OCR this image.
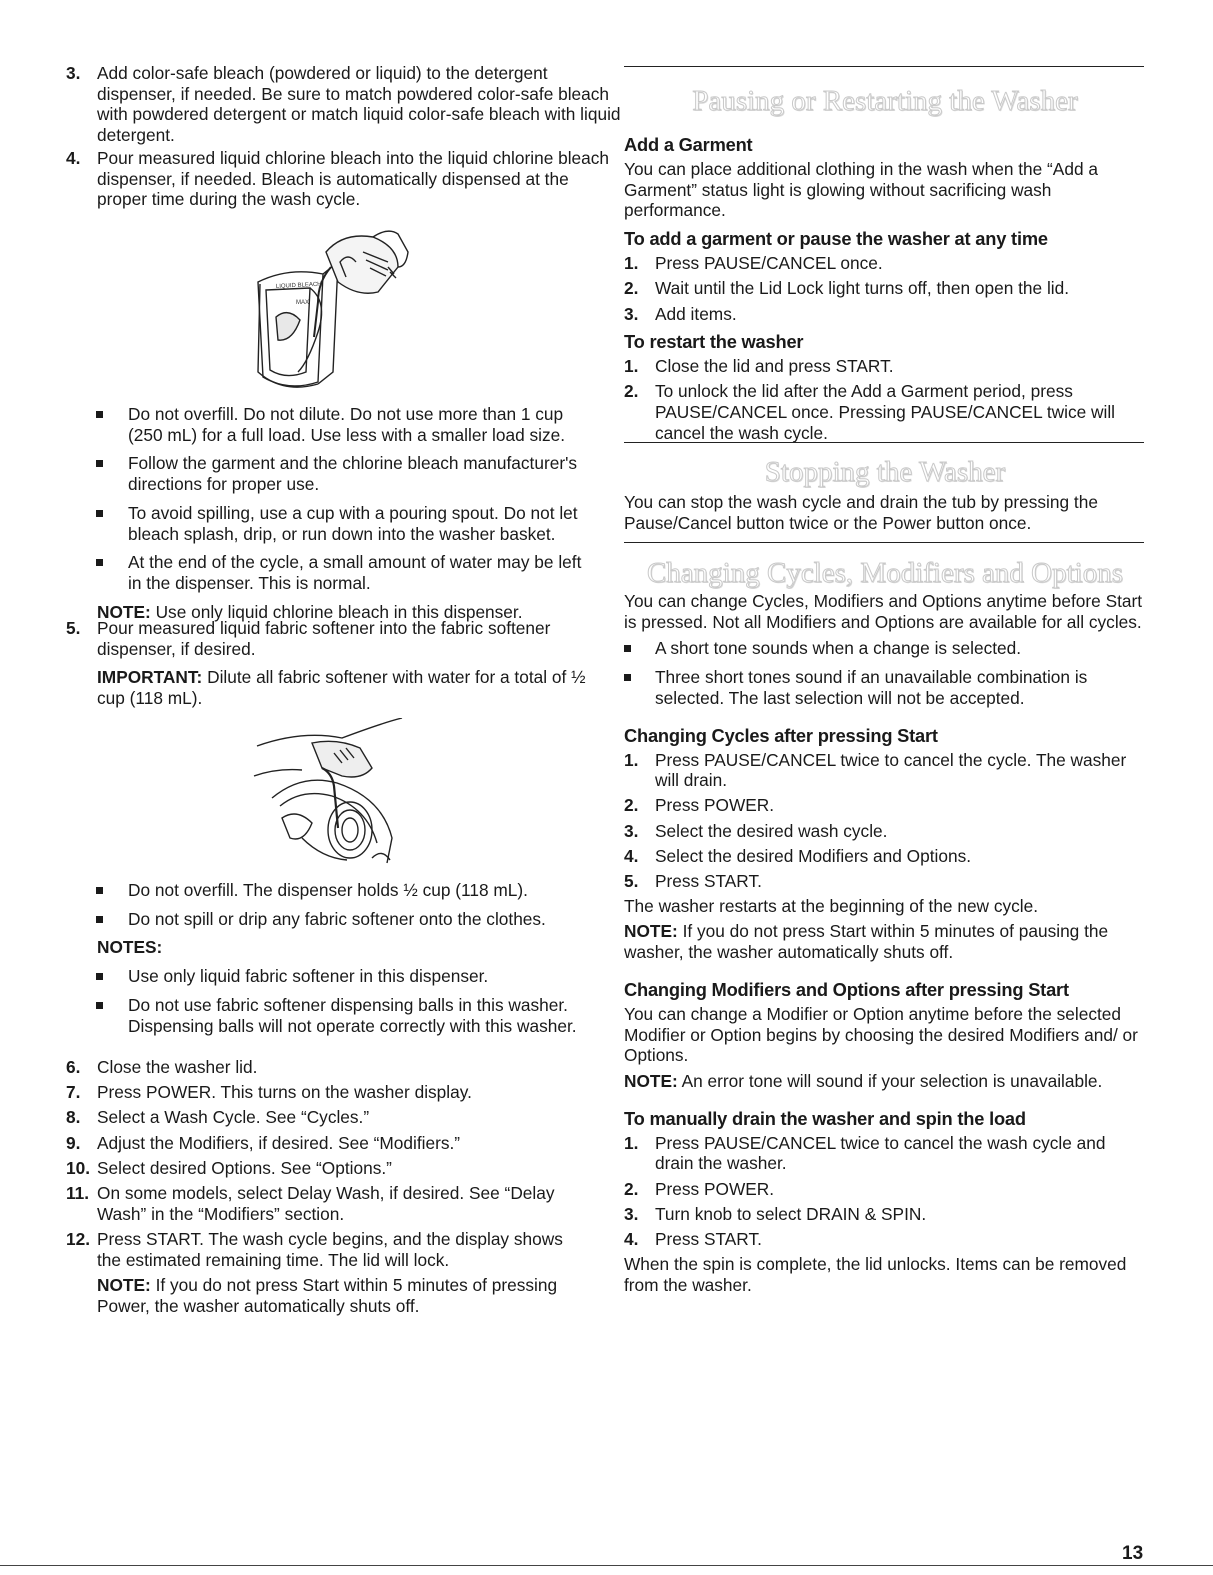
3. Add color-safe bleach (powdered or liquid) to the detergent dispenser, if needed. Be sure to match powdered color-safe bleach with powdered detergent or match liquid color-safe bleach with liquid detergent.

4. Pour measured liquid chlorine bleach into the liquid chlorine bleach dispenser, if needed. Bleach is automatically dispensed at the proper time during the wash cycle.

LIQUID BLEACH
MAX

Do not overfill. Do not dilute. Do not use more than 1 cup (250 mL) for a full load. Use less with a smaller load size.

Follow the garment and the chlorine bleach manufacturer's directions for proper use.

To avoid spilling, use a cup with a pouring spout. Do not let bleach splash, drip, or run down into the washer basket.

At the end of the cycle, a small amount of water may be left in the dispenser. This is normal.

NOTE: Use only liquid chlorine bleach in this dispenser.

5. Pour measured liquid fabric softener into the fabric softener dispenser, if desired.

IMPORTANT: Dilute all fabric softener with water for a total of ½ cup (118 mL).

Do not overfill. The dispenser holds ½ cup (118 mL).

Do not spill or drip any fabric softener onto the clothes.

NOTES:

Use only liquid fabric softener in this dispenser.

Do not use fabric softener dispensing balls in this washer. Dispensing balls will not operate correctly with this washer.

6. Close the washer lid.

7. Press POWER. This turns on the washer display.

8. Select a Wash Cycle. See “Cycles.”

9. Adjust the Modifiers, if desired. See “Modifiers.”

10. Select desired Options. See “Options.”

11. On some models, select Delay Wash, if desired. See “Delay Wash” in the “Modifiers” section.

12. Press START. The wash cycle begins, and the display shows the estimated remaining time. The lid will lock.

NOTE: If you do not press Start within 5 minutes of pressing Power, the washer automatically shuts off.

Pausing or Restarting the Washer

Add a Garment

You can place additional clothing in the wash when the “Add a Garment” status light is glowing without sacrificing wash performance.

To add a garment or pause the washer at any time

1. Press PAUSE/CANCEL once.

2. Wait until the Lid Lock light turns off, then open the lid.

3. Add items.

To restart the washer

1. Close the lid and press START.

2. To unlock the lid after the Add a Garment period, press PAUSE/CANCEL once. Pressing PAUSE/CANCEL twice will cancel the wash cycle.

Stopping the Washer

You can stop the wash cycle and drain the tub by pressing the Pause/Cancel button twice or the Power button once.

Changing Cycles, Modifiers and Options

You can change Cycles, Modifiers and Options anytime before Start is pressed. Not all Modifiers and Options are available for all cycles.

A short tone sounds when a change is selected.

Three short tones sound if an unavailable combination is selected. The last selection will not be accepted.

Changing Cycles after pressing Start

1. Press PAUSE/CANCEL twice to cancel the cycle. The washer will drain.

2. Press POWER.

3. Select the desired wash cycle.

4. Select the desired Modifiers and Options.

5. Press START.

The washer restarts at the beginning of the new cycle.

NOTE: If you do not press Start within 5 minutes of pausing the washer, the washer automatically shuts off.

Changing Modifiers and Options after pressing Start

You can change a Modifier or Option anytime before the selected Modifier or Option begins by choosing the desired Modifiers and/ or Options.

NOTE: An error tone will sound if your selection is unavailable.

To manually drain the washer and spin the load

1. Press PAUSE/CANCEL twice to cancel the wash cycle and drain the washer.

2. Press POWER.

3. Turn knob to select DRAIN & SPIN.

4. Press START.

When the spin is complete, the lid unlocks. Items can be removed from the washer.

13
